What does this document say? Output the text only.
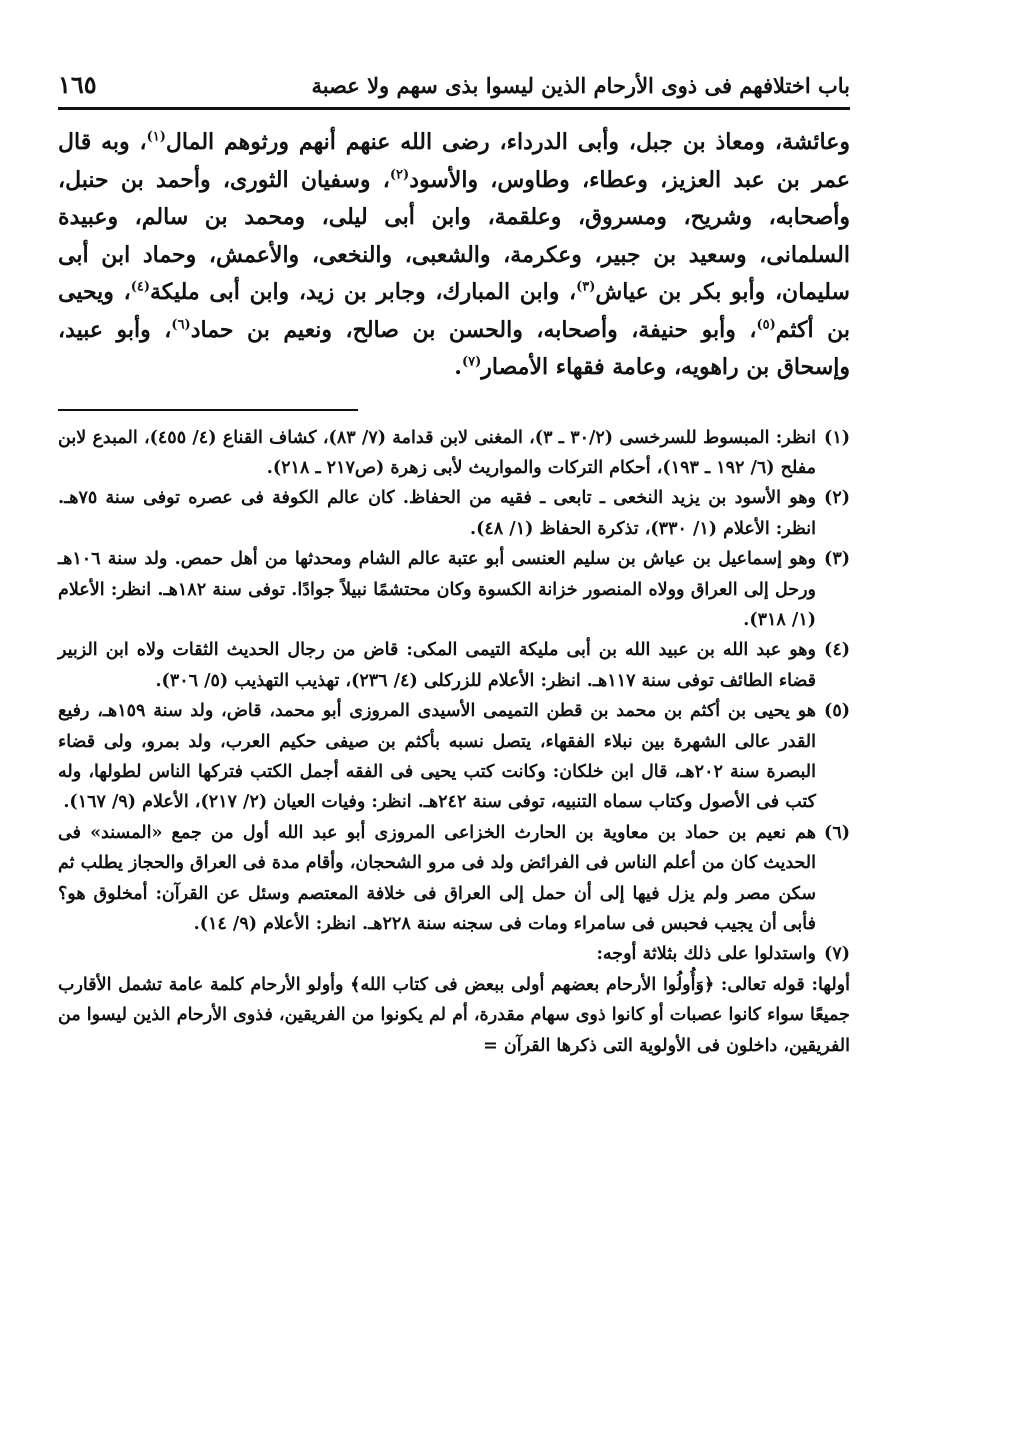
باب اختلافهم فى ذوى الأرحام الذين ليسوا بذى سهم ولا عصبة
١٦٥

وعائشة، ومعاذ بن جبل، وأبى الدرداء، رضى الله عنهم أنهم ورثوهم المال$^{(١)}$، وبه قال عمر بن عبد العزيز، وعطاء، وطاوس، والأسود$^{(٢)}$، وسفيان الثورى، وأحمد بن حنبل، وأصحابه، وشريح، ومسروق، وعلقمة، وابن أبى ليلى، ومحمد بن سالم، وعبيدة السلمانى، وسعيد بن جبير، وعكرمة، والشعبى، والنخعى، والأعمش، وحماد ابن أبى سليمان، وأبو بكر بن عياش$^{(٣)}$، وابن المبارك، وجابر بن زيد، وابن أبى مليكة$^{(٤)}$، ويحيى بن أكثم$^{(٥)}$، وأبو حنيفة، وأصحابه، والحسن بن صالح، ونعيم بن حماد$^{(٦)}$، وأبو عبيد، وإسحاق بن راهويه، وعامة فقهاء الأمصار$^{(٧)}$.

(١)
انظر: المبسوط للسرخسى (٣٠/٢ ـ ٣)، المغنى لابن قدامة (٧/ ٨٣)، كشاف القناع (٤/ ٤٥٥)، المبدع لابن مفلح (٦/ ١٩٢ ـ ١٩٣)، أحكام التركات والمواريث لأبى زهرة (ص٢١٧ ـ ٢١٨).
(٢)
وهو الأسود بن يزيد النخعى ـ تابعى ـ فقيه من الحفاظ. كان عالم الكوفة فى عصره توفى سنة ٧٥هـ. انظر: الأعلام (١/ ٣٣٠)، تذكرة الحفاظ (١/ ٤٨).
(٣)
وهو إسماعيل بن عياش بن سليم العنسى أبو عتبة عالم الشام ومحدثها من أهل حمص. ولد سنة ١٠٦هـ ورحل إلى العراق وولاه المنصور خزانة الكسوة وكان محتشمًا نبيلاً جوادًا. توفى سنة ١٨٢هـ. انظر: الأعلام (١/ ٣١٨).
(٤)
وهو عبد الله بن عبيد الله بن أبى مليكة التيمى المكى: قاض من رجال الحديث الثقات ولاه ابن الزبير قضاء الطائف توفى سنة ١١٧هـ. انظر: الأعلام للزركلى (٤/ ٢٣٦)، تهذيب التهذيب (٥/ ٣٠٦).
(٥)
هو يحيى بن أكثم بن محمد بن قطن التميمى الأسيدى المروزى أبو محمد، قاض، ولد سنة ١٥٩هـ، رفيع القدر عالى الشهرة بين نبلاء الفقهاء، يتصل نسبه بأكثم بن صيفى حكيم العرب، ولد بمرو، ولى قضاء البصرة سنة ٢٠٢هـ، قال ابن خلكان: وكانت كتب يحيى فى الفقه أجمل الكتب فتركها الناس لطولها، وله كتب فى الأصول وكتاب سماه التنبيه، توفى سنة ٢٤٢هـ. انظر: وفيات العيان (٢/ ٢١٧)، الأعلام (٩/ ١٦٧).
(٦)
هم نعيم بن حماد بن معاوية بن الحارث الخزاعى المروزى أبو عبد الله أول من جمع «المسند» فى الحديث كان من أعلم الناس فى الفرائض ولد فى مرو الشحجان، وأقام مدة فى العراق والحجاز يطلب ثم سكن مصر ولم يزل فيها إلى أن حمل إلى العراق فى خلافة المعتصم وسئل عن القرآن: أمخلوق هو؟ فأبى أن يجيب فحبس فى سامراء ومات فى سجنه سنة ٢٢٨هـ. انظر: الأعلام (٩/ ١٤).
(٧)
واستدلوا على ذلك بثلاثة أوجه:
أولها: قوله تعالى: ﴿وَأُولُوا الأرحام بعضهم أولى ببعض فى كتاب الله﴾ وأولو الأرحام كلمة عامة تشمل الأقارب جميعًا سواء كانوا عصبات أو كانوا ذوى سهام مقدرة، أم لم يكونوا من الفريقين، فذوى الأرحام الذين ليسوا من الفريقين، داخلون فى الأولوية التى ذكرها القرآن =
